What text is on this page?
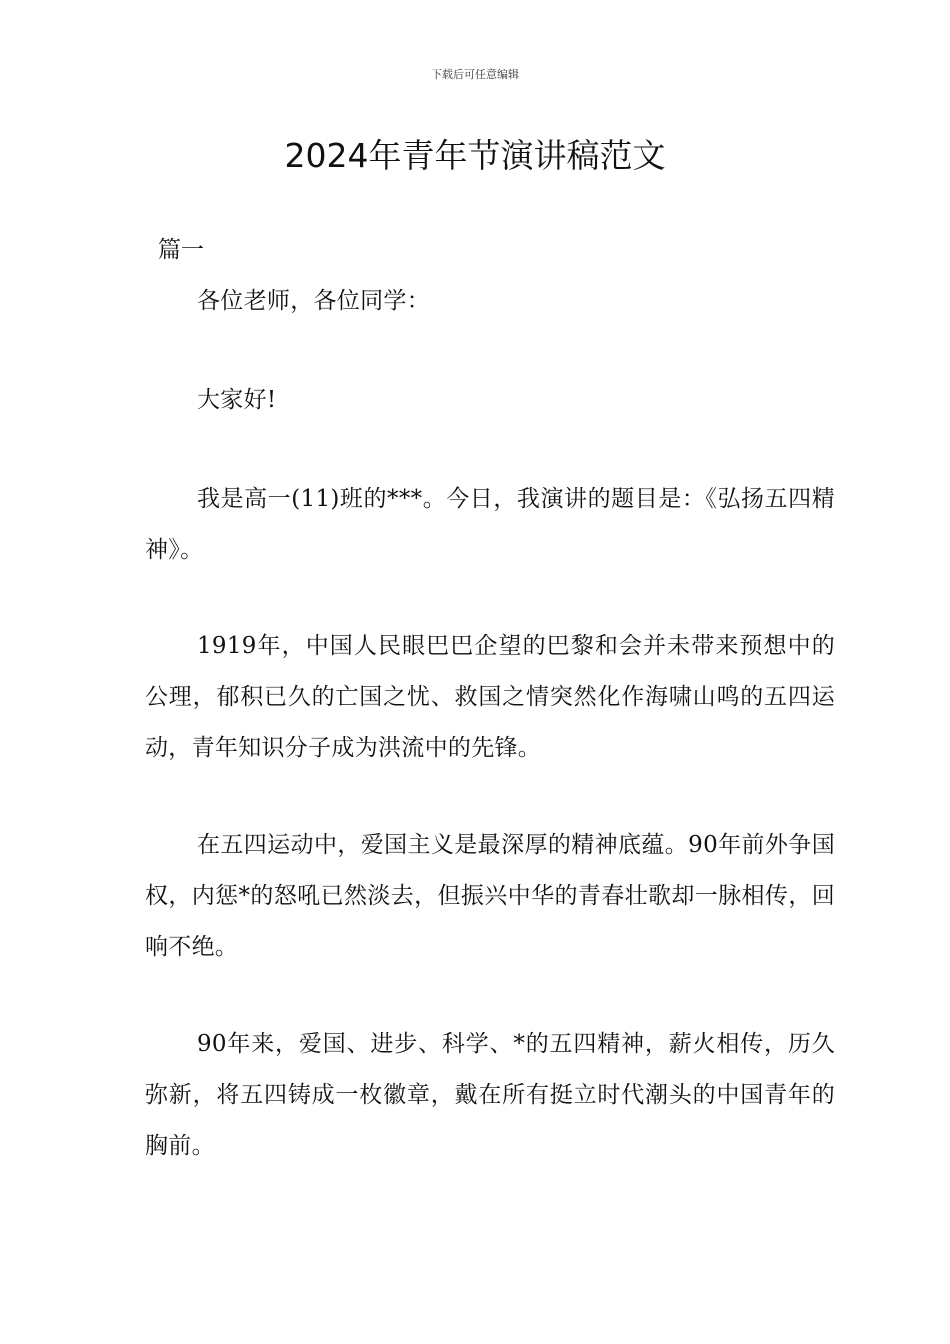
下载后可任意编辑
2024年青年节演讲稿范文
篇一

各位老师，各位同学：

大家好!

我是高一(11)班的***。今日，我演讲的题目是：《弘扬五四精神》。

1919年，中国人民眼巴巴企望的巴黎和会并未带来预想中的公理，郁积已久的亡国之忧、救国之情突然化作海啸山鸣的五四运动，青年知识分子成为洪流中的先锋。

在五四运动中，爱国主义是最深厚的精神底蕴。90年前外争国权，内惩*的怒吼已然淡去，但振兴中华的青春壮歌却一脉相传，回响不绝。

90年来，爱国、进步、科学、*的五四精神，薪火相传，历久弥新，将五四铸成一枚徽章，戴在所有挺立时代潮头的中国青年的胸前。
